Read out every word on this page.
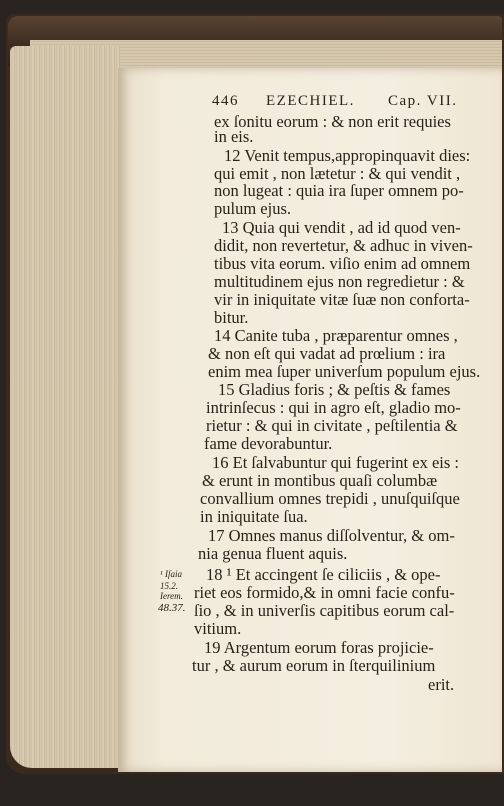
446 EZECHIEL. Cap. VII.
ex ſonitu eorum : & non erit requies
in eis.
12 Venit tempus,appropinquavit dies:
qui emit , non lætetur : & qui vendit ,
non lugeat : quia ira ſuper omnem po-
pulum ejus.
13 Quia qui vendit , ad id quod ven-
didit, non revertetur, & adhuc in viven-
tibus vita eorum. viſio enim ad omnem
multitudinem ejus non regredietur : &
vir in iniquitate vitæ ſuæ non conforta-
bitur.
14 Canite tuba , præparentur omnes ,
& non eſt qui vadat ad prœlium : ira
enim mea ſuper univerſum populum ejus.
15 Gladius foris ; & peſtis & fames
intrinſecus : qui in agro eſt, gladio mo-
rietur : & qui in civitate , peſtilentia &
fame devorabuntur.
16 Et ſalvabuntur qui fugerint ex eis :
& erunt in montibus quaſi columbæ
convallium omnes trepidi , unuſquiſque
in iniquitate ſua.
17 Omnes manus diſſolventur, & om-
nia genua fluent aquis.
18 ¹ Et accingent ſe ciliciis , & ope-
riet eos formido,& in omni facie confu-
ſio , & in univerſis capitibus eorum cal-
vitium.
19 Argentum eorum foras projicie-
tur , & aurum eorum in ſterquilinium
erit.
¹ Iſaia
15.2.
Ierem.
48.37.
